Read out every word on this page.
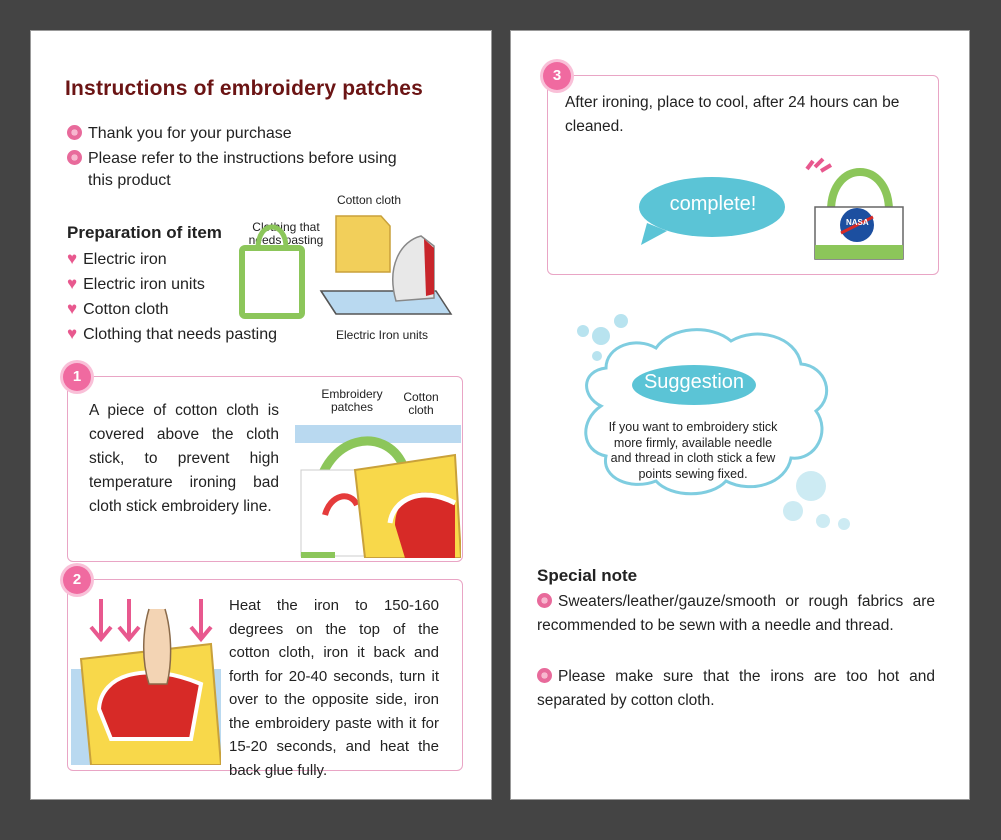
Instructions of embroidery patches
Thank you for your purchase
Please refer to the instructions before using
this product
Preparation of item
♥ Electric iron
♥ Electric iron units
♥ Cotton cloth
♥ Clothing that needs pasting
Clothing that needs pasting
Cotton cloth
Electric Iron units
1
A piece of cotton cloth is covered above the cloth stick, to prevent high temperature ironing bad cloth stick embroidery line.
Embroidery patches
Cotton cloth
2
Heat the iron to 150-160 degrees on the top of the cotton cloth, iron it back and forth for 20-40 seconds, turn it over to the opposite side, iron the embroidery paste with it for 15-20 seconds, and heat the back glue fully.
3
After ironing, place to cool, after 24 hours can be cleaned.
complete!
NASA
Suggestion
If you want to embroidery stick more firmly, available needle and thread in cloth stick a few points sewing fixed.
Special note
Sweaters/leather/gauze/smooth or rough fabrics are recommended to be sewn with a needle and thread.
Please make sure that the irons are too hot and separated by cotton cloth.
